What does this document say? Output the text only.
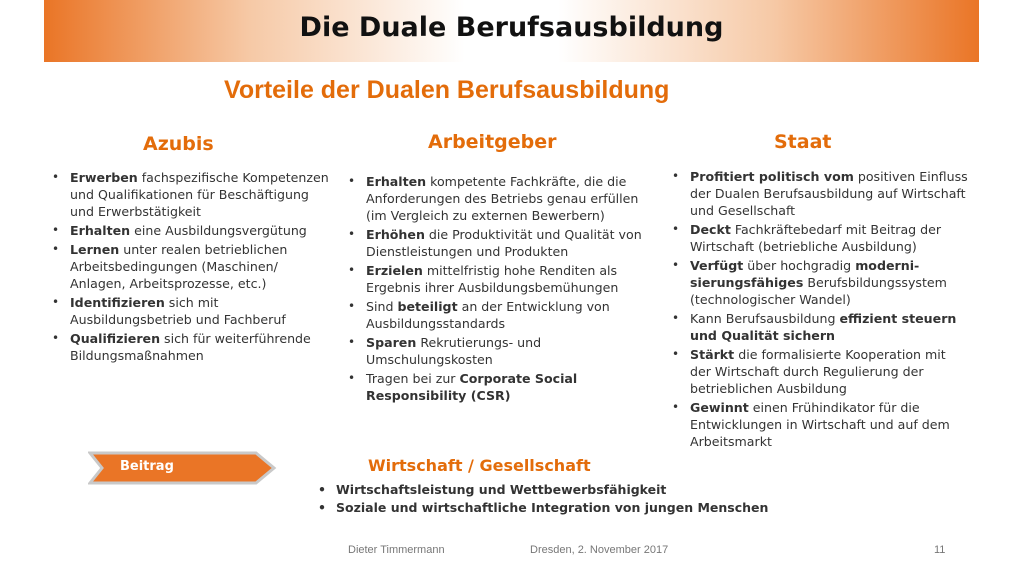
Die Duale Berufsausbildung
Vorteile der Dualen Berufsausbildung
Azubis	Arbeitgeber	Staat
• Erwerben fachspezifische Kompetenzen und Qualifikationen für Beschäftigung und Erwerbstätigkeit
• Erhalten eine Ausbildungsvergütung
• Lernen unter realen betrieblichen Arbeitsbedingungen (Maschinen/ Anlagen, Arbeitsprozesse, etc.)
• Identifizieren sich mit Ausbildungsbetrieb und Fachberuf
• Qualifizieren sich für weiterführende Bildungsmaßnahmen
• Erhalten kompetente Fachkräfte, die die Anforderungen des Betriebs genau erfüllen (im Vergleich zu externen Bewerbern)
• Erhöhen die Produktivität und Qualität von Dienstleistungen und Produkten
• Erzielen mittelfristig hohe Renditen als Ergebnis ihrer Ausbildungsbemühungen
• Sind beteiligt an der Entwicklung von Ausbildungsstandards
• Sparen Rekrutierungs- und Umschulungskosten
• Tragen bei zur Corporate Social Responsibility (CSR)
• Profitiert politisch vom positiven Einfluss der Dualen Berufsausbildung auf Wirtschaft und Gesellschaft
• Deckt Fachkräftebedarf mit Beitrag der Wirtschaft (betriebliche Ausbildung)
• Verfügt über hochgradig moderni-sierungsfähiges Berufsbildungssystem (technologischer Wandel)
• Kann Berufsausbildung effizient steuern und Qualität sichern
• Stärkt die formalisierte Kooperation mit der Wirtschaft durch Regulierung der betrieblichen Ausbildung
• Gewinnt einen Frühindikator für die Entwicklungen in Wirtschaft und auf dem Arbeitsmarkt
Beitrag	Wirtschaft / Gesellschaft
• Wirtschaftsleistung und Wettbewerbsfähigkeit
• Soziale und wirtschaftliche Integration von jungen Menschen
Dieter Timmermann	Dresden, 2. November 2017	11
